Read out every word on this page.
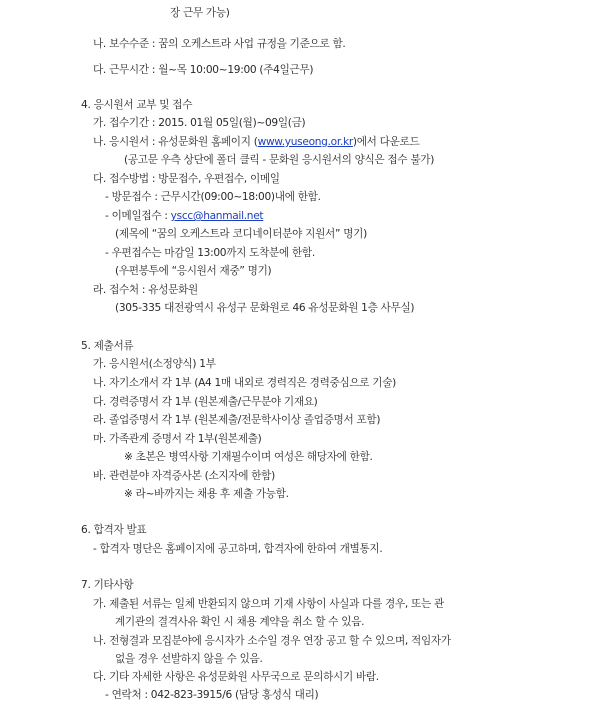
장 근무 가능)
나. 보수수준 : 꿈의 오케스트라 사업 규정을 기준으로 함.
다. 근무시간 : 월~목 10:00~19:00 (주4일근무)
4. 응시원서 교부 및 접수
가. 접수기간 : 2015. 01월 05일(월)~09일(금)
나. 응시원서 : 유성문화원 홈페이지 (www.yuseong.or.kr)에서 다운로드
(공고문 우측 상단에 폴더 클릭 - 문화원 응시원서의 양식은 접수 불가)
다. 접수방법 : 방문접수, 우편접수, 이메일
- 방문접수 : 근무시간(09:00~18:00)내에 한함.
- 이메일접수 : yscc@hanmail.net
(제목에 “꿈의 오케스트라 코디네이터분야 지원서” 명기)
- 우편접수는 마감일 13:00까지 도착분에 한함.
(우편봉투에 “응시원서 재중” 명기)
라. 접수처 : 유성문화원
(305-335 대전광역시 유성구 문화원로 46 유성문화원 1층 사무실)
5. 제출서류
가. 응시원서(소정양식) 1부
나. 자기소개서 각 1부 (A4 1매 내외로 경력직은 경력중심으로 기술)
다. 경력증명서 각 1부 (원본제출/근무분야 기재요)
라. 졸업증명서 각 1부 (원본제출/전문학사이상 졸업증명서 포함)
마. 가족관계 증명서 각 1부(원본제출)
※ 초본은 병역사항 기재필수이며 여성은 해당자에 한함.
바. 관련분야 자격증사본 (소지자에 한함)
※ 라~바까지는 채용 후 제출 가능함.
6. 합격자 발표
- 합격자 명단은 홈페이지에 공고하며, 합격자에 한하여 개별통지.
7. 기타사항
가. 제출된 서류는 일체 반환되지 않으며 기재 사항이 사실과 다를 경우, 또는 관
계기관의 결격사유 확인 시 채용 계약을 취소 할 수 있음.
나. 전형결과 모집분야에 응시자가 소수일 경우 연장 공고 할 수 있으며, 적임자가
없을 경우 선발하지 않을 수 있음.
다. 기타 자세한 사항은 유성문화원 사무국으로 문의하시기 바람.
- 연락처 : 042-823-3915/6 (담당 홍성식 대리)
